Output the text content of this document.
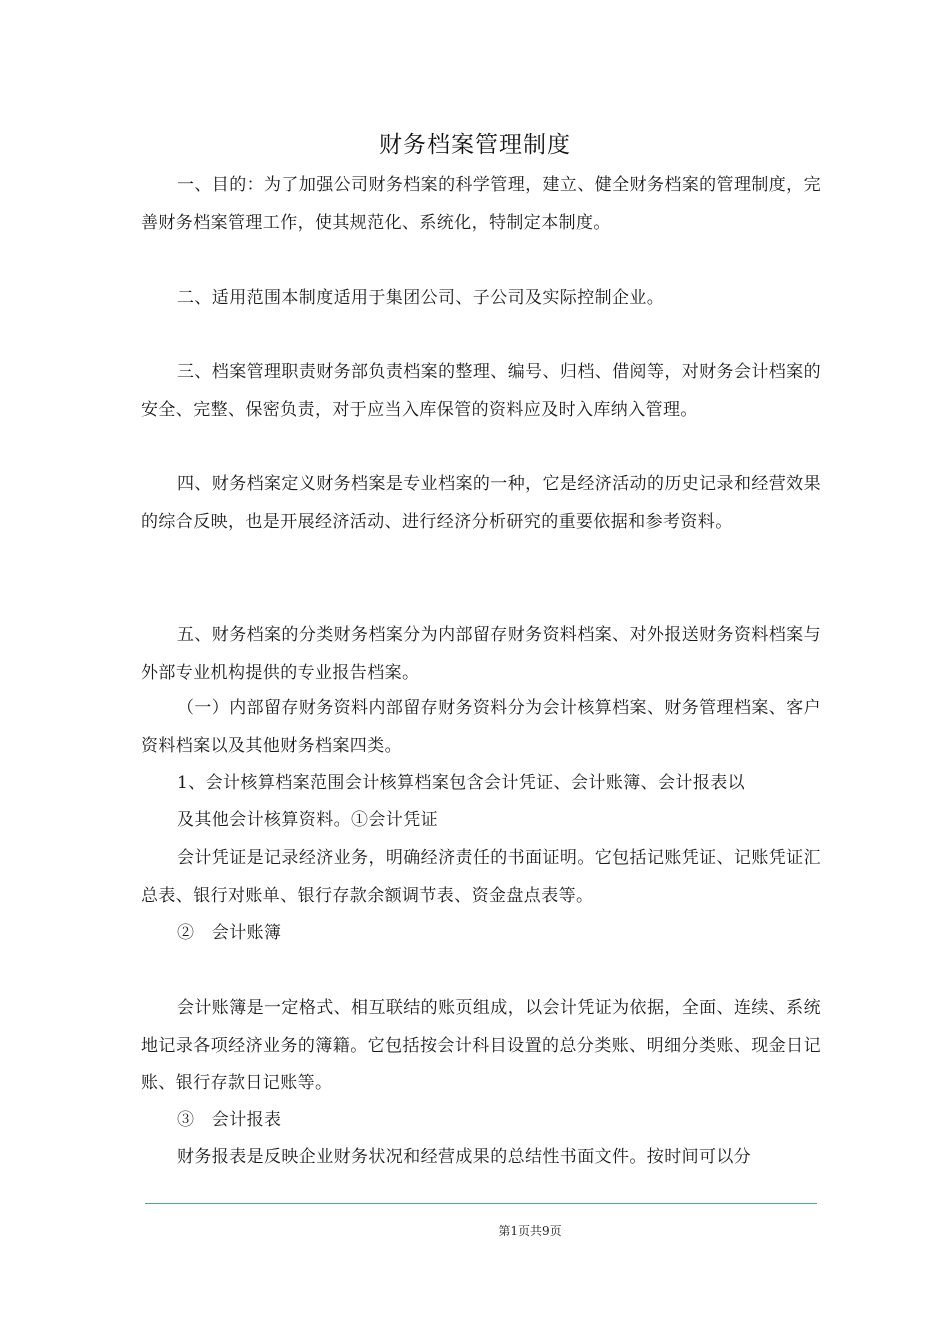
财务档案管理制度

一、目的：为了加强公司财务档案的科学管理，建立、健全财务档案的管理制度，完善财务档案管理工作，使其规范化、系统化，特制定本制度。

二、适用范围本制度适用于集团公司、子公司及实际控制企业。

三、档案管理职责财务部负责档案的整理、编号、归档、借阅等，对财务会计档案的安全、完整、保密负责，对于应当入库保管的资料应及时入库纳入管理。

四、财务档案定义财务档案是专业档案的一种，它是经济活动的历史记录和经营效果的综合反映，也是开展经济活动、进行经济分析研究的重要依据和参考资料。

五、财务档案的分类财务档案分为内部留存财务资料档案、对外报送财务资料档案与外部专业机构提供的专业报告档案。

（一）内部留存财务资料内部留存财务资料分为会计核算档案、财务管理档案、客户资料档案以及其他财务档案四类。

1、会计核算档案范围会计核算档案包含会计凭证、会计账簿、会计报表以

及其他会计核算资料。①会计凭证

会计凭证是记录经济业务，明确经济责任的书面证明。它包括记账凭证、记账凭证汇总表、银行对账单、银行存款余额调节表、资金盘点表等。

②　会计账簿

会计账簿是一定格式、相互联结的账页组成，以会计凭证为依据，全面、连续、系统地记录各项经济业务的簿籍。它包括按会计科目设置的总分类账、明细分类账、现金日记账、银行存款日记账等。

③　会计报表

财务报表是反映企业财务状况和经营成果的总结性书面文件。按时间可以分

第1页共9页
